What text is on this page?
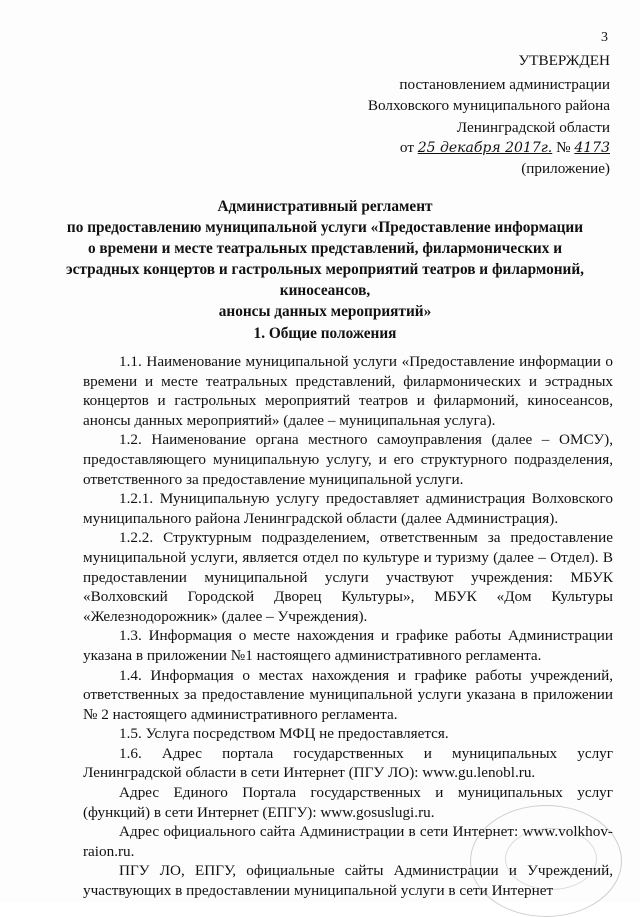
3
УТВЕРЖДЕН
постановлением администрации
Волховского муниципального района
Ленинградской области
от 25 декабря 2017г. № 4173
(приложение)
Административный регламент
по предоставлению муниципальной услуги «Предоставление информации
о времени и месте театральных представлений, филармонических и
эстрадных концертов и гастрольных мероприятий театров и филармоний,
киносеансов,
анонсы данных мероприятий»
1. Общие положения

1.1. Наименование муниципальной услуги «Предоставление информации о времени и месте театральных представлений, филармонических и эстрадных концертов и гастрольных мероприятий театров и филармоний, киносеансов, анонсы данных мероприятий» (далее – муниципальная услуга).

1.2. Наименование органа местного самоуправления (далее – ОМСУ), предоставляющего муниципальную услугу, и его структурного подразделения, ответственного за предоставление муниципальной услуги.

1.2.1. Муниципальную услугу предоставляет администрация Волховского муниципального района Ленинградской области (далее Администрация).

1.2.2. Структурным подразделением, ответственным за предоставление муниципальной услуги, является отдел по культуре и туризму (далее – Отдел). В предоставлении муниципальной услуги участвуют учреждения: МБУК «Волховский Городской Дворец Культуры», МБУК «Дом Культуры «Железнодорожник» (далее – Учреждения).

1.3. Информация о месте нахождения и графике работы Администрации указана в приложении №1 настоящего административного регламента.

1.4. Информация о местах нахождения и графике работы учреждений, ответственных за предоставление муниципальной услуги указана в приложении № 2 настоящего административного регламента.

1.5. Услуга посредством МФЦ не предоставляется.

1.6. Адрес портала государственных и муниципальных услуг Ленинградской области в сети Интернет (ПГУ ЛО): www.gu.lenobl.ru.

Адрес Единого Портала государственных и муниципальных услуг (функций) в сети Интернет (ЕПГУ): www.gosuslugi.ru.

Адрес официального сайта Администрации в сети Интернет: www.volkhov-raion.ru.

ПГУ ЛО, ЕПГУ, официальные сайты Администрации и Учреждений, участвующих в предоставлении муниципальной услуги в сети Интернет
